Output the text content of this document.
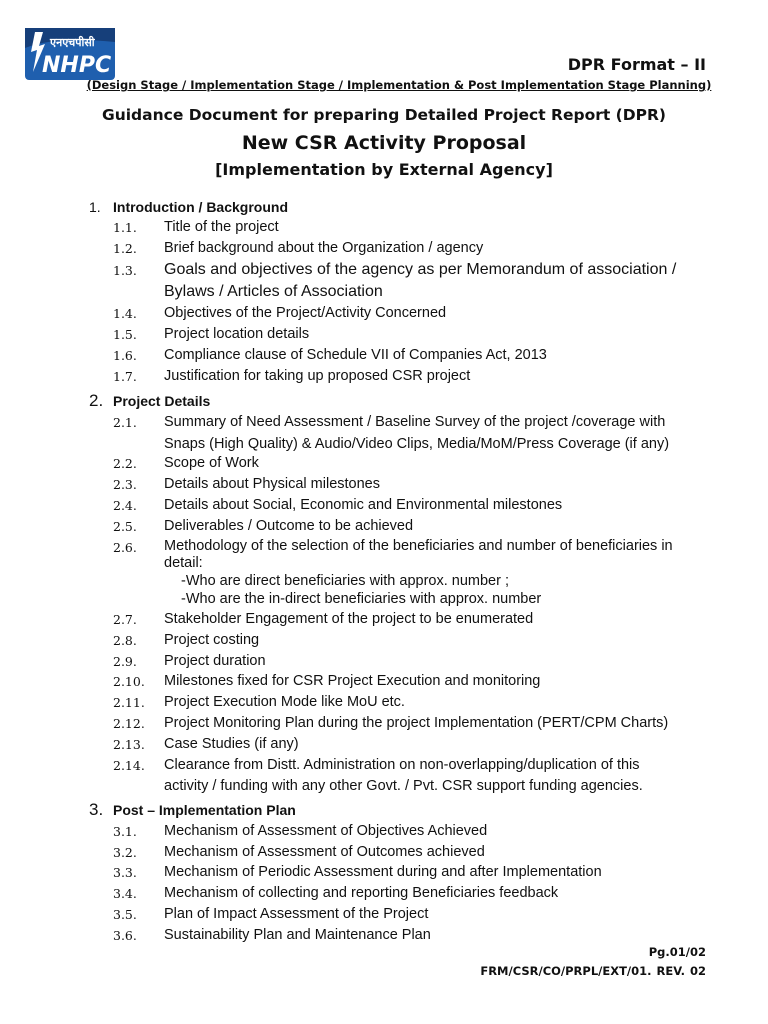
एनएचपीसी
NHPC	DPR Format – II
(Design Stage / Implementation Stage / Implementation & Post Implementation Stage Planning)
Guidance Document for preparing Detailed Project Report (DPR)
New CSR Activity Proposal
[Implementation by External Agency]
1. Introduction / Background
1.1. Title of the project
1.2. Brief background about the Organization / agency
1.3. Goals and objectives of the agency as per Memorandum of association /
Bylaws / Articles of Association
1.4. Objectives of the Project/Activity Concerned
1.5. Project location details
1.6. Compliance clause of Schedule VII of Companies Act, 2013
1.7. Justification for taking up proposed CSR project
2. Project Details
2.1. Summary of Need Assessment / Baseline Survey of the project /coverage with
Snaps (High Quality) & Audio/Video Clips, Media/MoM/Press Coverage (if any)
2.2. Scope of Work
2.3. Details about Physical milestones
2.4. Details about Social, Economic and Environmental milestones
2.5. Deliverables / Outcome to be achieved
2.6. Methodology of the selection of the beneficiaries and number of beneficiaries in
detail:
-Who are direct beneficiaries with approx. number ;
-Who are the in-direct beneficiaries with approx. number
2.7. Stakeholder Engagement of the project to be enumerated
2.8. Project costing
2.9. Project duration
2.10. Milestones fixed for CSR Project Execution and monitoring
2.11. Project Execution Mode like MoU etc.
2.12. Project Monitoring Plan during the project Implementation (PERT/CPM Charts)
2.13. Case Studies (if any)
2.14. Clearance from Distt. Administration on non-overlapping/duplication of this
activity / funding with any other Govt. / Pvt. CSR support funding agencies.
3. Post – Implementation Plan
3.1. Mechanism of Assessment of Objectives Achieved
3.2. Mechanism of Assessment of Outcomes achieved
3.3. Mechanism of Periodic Assessment during and after Implementation
3.4. Mechanism of collecting and reporting Beneficiaries feedback
3.5. Plan of Impact Assessment of the Project
3.6. Sustainability Plan and Maintenance Plan
Pg.01/02
FRM/CSR/CO/PRPL/EXT/01. REV. 02
